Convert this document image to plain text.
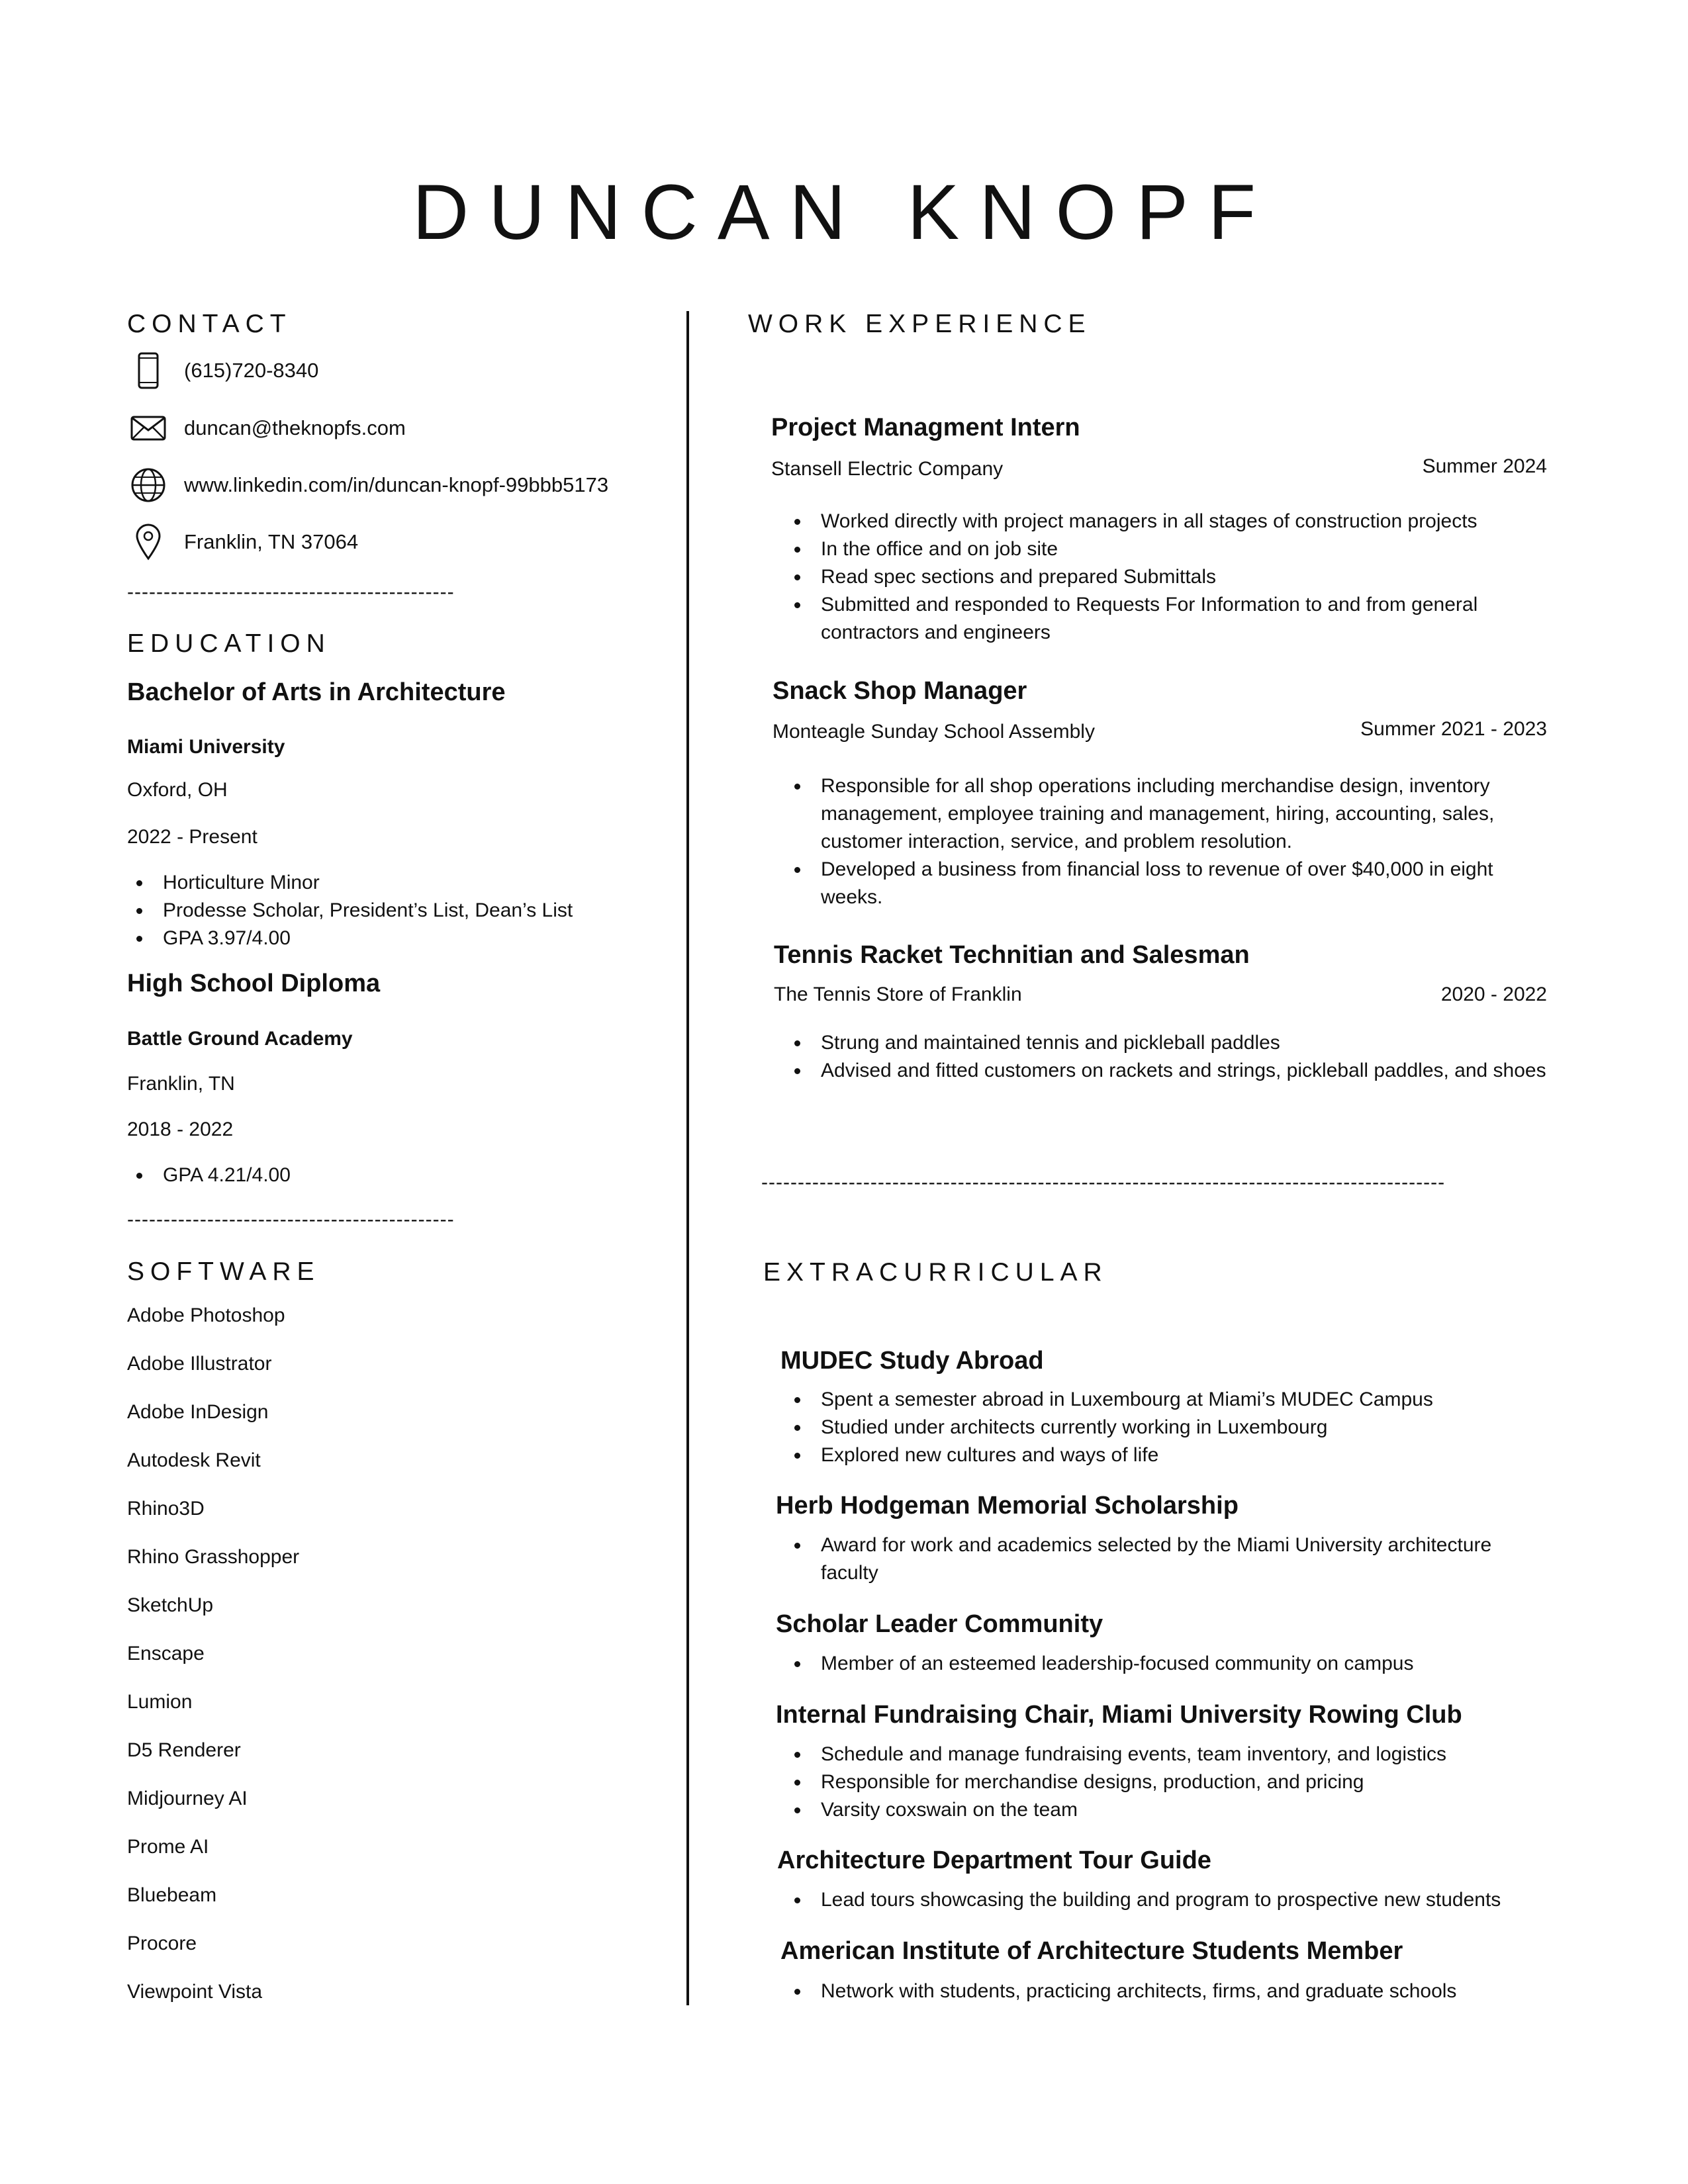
DUNCAN KNOPF
CONTACT
(615)720-8340
duncan@theknopfs.com
www.linkedin.com/in/duncan-knopf-99bbb5173
Franklin, TN 37064
---------------------------------------------
EDUCATION
Bachelor of Arts in Architecture
Miami University
Oxford, OH
2022 - Present
Horticulture Minor
Prodesse Scholar, President’s List, Dean’s List
GPA 3.97/4.00
High School Diploma
Battle Ground Academy
Franklin, TN
2018 - 2022
GPA 4.21/4.00
---------------------------------------------
SOFTWARE
Adobe Photoshop
Adobe Illustrator
Adobe InDesign
Autodesk Revit
Rhino3D
Rhino Grasshopper
SketchUp
Enscape
Lumion
D5 Renderer
Midjourney AI
Prome AI
Bluebeam
Procore
Viewpoint Vista
WORK EXPERIENCE
Project Managment Intern
Stansell Electric Company	Summer 2024
Worked directly with project managers in all stages of construction projects
In the office and on job site
Read spec sections and prepared Submittals
Submitted and responded to Requests For Information to and from general contractors and engineers
Snack Shop Manager
Monteagle Sunday School Assembly	Summer 2021 - 2023
Responsible for all shop operations including merchandise design, inventory management, employee training and management, hiring, accounting, sales, customer interaction, service, and problem resolution.
Developed a business from financial loss to revenue of over $40,000 in eight weeks.
Tennis Racket Technitian and Salesman
The Tennis Store of Franklin	2020 - 2022
Strung and maintained tennis and pickleball paddles
Advised and fitted customers on rackets and strings, pickleball paddles, and shoes
----------------------------------------------------------------------------------------------
EXTRACURRICULAR
MUDEC Study Abroad
Spent a semester abroad in Luxembourg at Miami’s MUDEC Campus
Studied under architects currently working in Luxembourg
Explored new cultures and ways of life
Herb Hodgeman Memorial Scholarship
Award for work and academics selected by the Miami University architecture faculty
Scholar Leader Community
Member of an esteemed leadership-focused community on campus
Internal Fundraising Chair, Miami University Rowing Club
Schedule and manage fundraising events, team inventory, and logistics
Responsible for merchandise designs, production, and pricing
Varsity coxswain on the team
Architecture Department Tour Guide
Lead tours showcasing the building and program to prospective new students
American Institute of Architecture Students Member
Network with students, practicing architects, firms, and graduate schools
